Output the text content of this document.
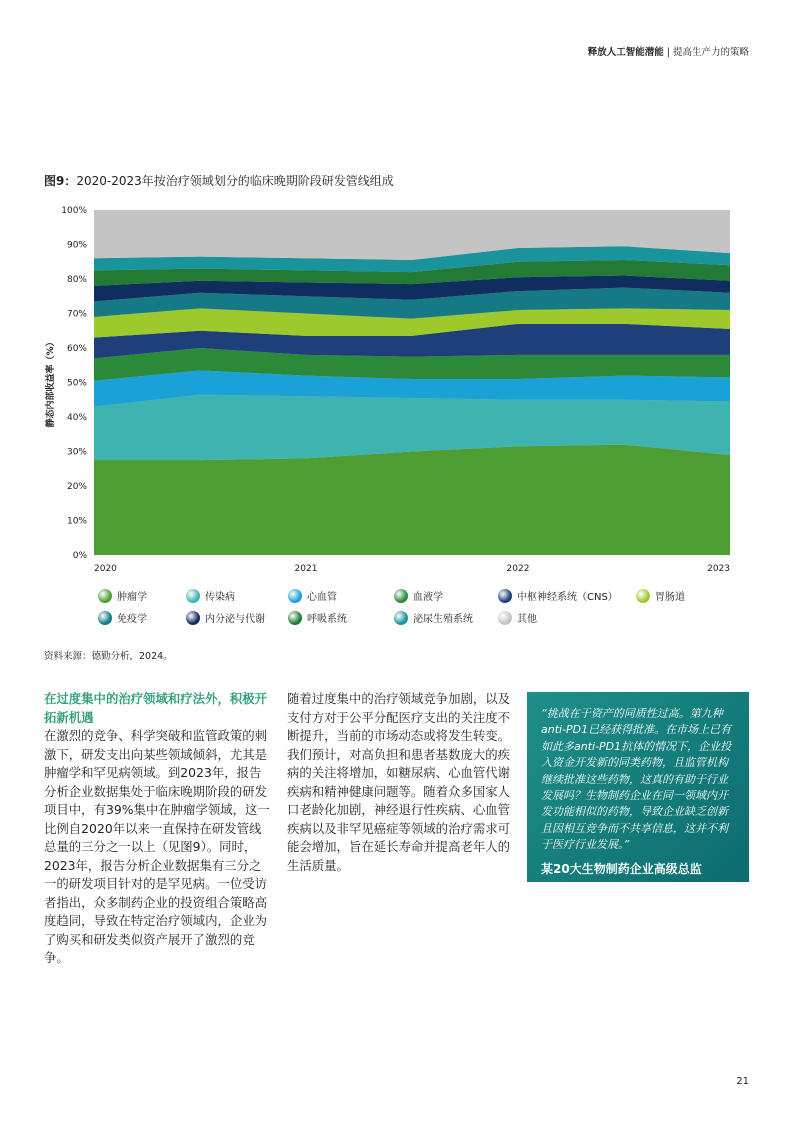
释放人工智能潜能 | 提高生产力的策略
图9：2020-2023年按治疗领域划分的临床晚期阶段研发管线组成
0%
10%
20%
30%
40%
50%
60%
70%
80%
90%
100%
2020	2021	2022	2023
静态内部收益率（%）
肿瘤学	传染病	心血管	血液学	中枢神经系统（CNS）	胃肠道
免疫学	内分泌与代谢	呼吸系统	泌尿生殖系统	其他
资料来源：德勤分析，2024。
在过度集中的治疗领域和疗法外，积极开拓新机遇
在激烈的竞争、科学突破和监管政策的刺激下，研发支出向某些领域倾斜，尤其是肿瘤学和罕见病领域。到2023年，报告分析企业数据集处于临床晚期阶段的研发项目中，有39%集中在肿瘤学领域，这一比例自2020年以来一直保持在研发管线总量的三分之一以上（见图9）。同时，2023年，报告分析企业数据集有三分之一的研发项目针对的是罕见病。一位受访者指出，众多制药企业的投资组合策略高度趋同，导致在特定治疗领域内，企业为了购买和研发类似资产展开了激烈的竞争。
随着过度集中的治疗领域竞争加剧，以及支付方对于公平分配医疗支出的关注度不断提升，当前的市场动态或将发生转变。我们预计，对高负担和患者基数庞大的疾病的关注将增加，如糖尿病、心血管代谢疾病和精神健康问题等。随着众多国家人口老龄化加剧，神经退行性疾病、心血管疾病以及非罕见癌症等领域的治疗需求可能会增加，旨在延长寿命并提高老年人的生活质量。
“挑战在于资产的同质性过高。第九种anti-PD1已经获得批准。在市场上已有如此多anti-PD1抗体的情况下，企业投入资金开发新的同类药物，且监管机构继续批准这些药物，这真的有助于行业发展吗？生物制药企业在同一领域内开发功能相似的药物，导致企业缺乏创新且因相互竞争而不共享信息，这并不利于医疗行业发展。”
某20大生物制药企业高级总监
21
